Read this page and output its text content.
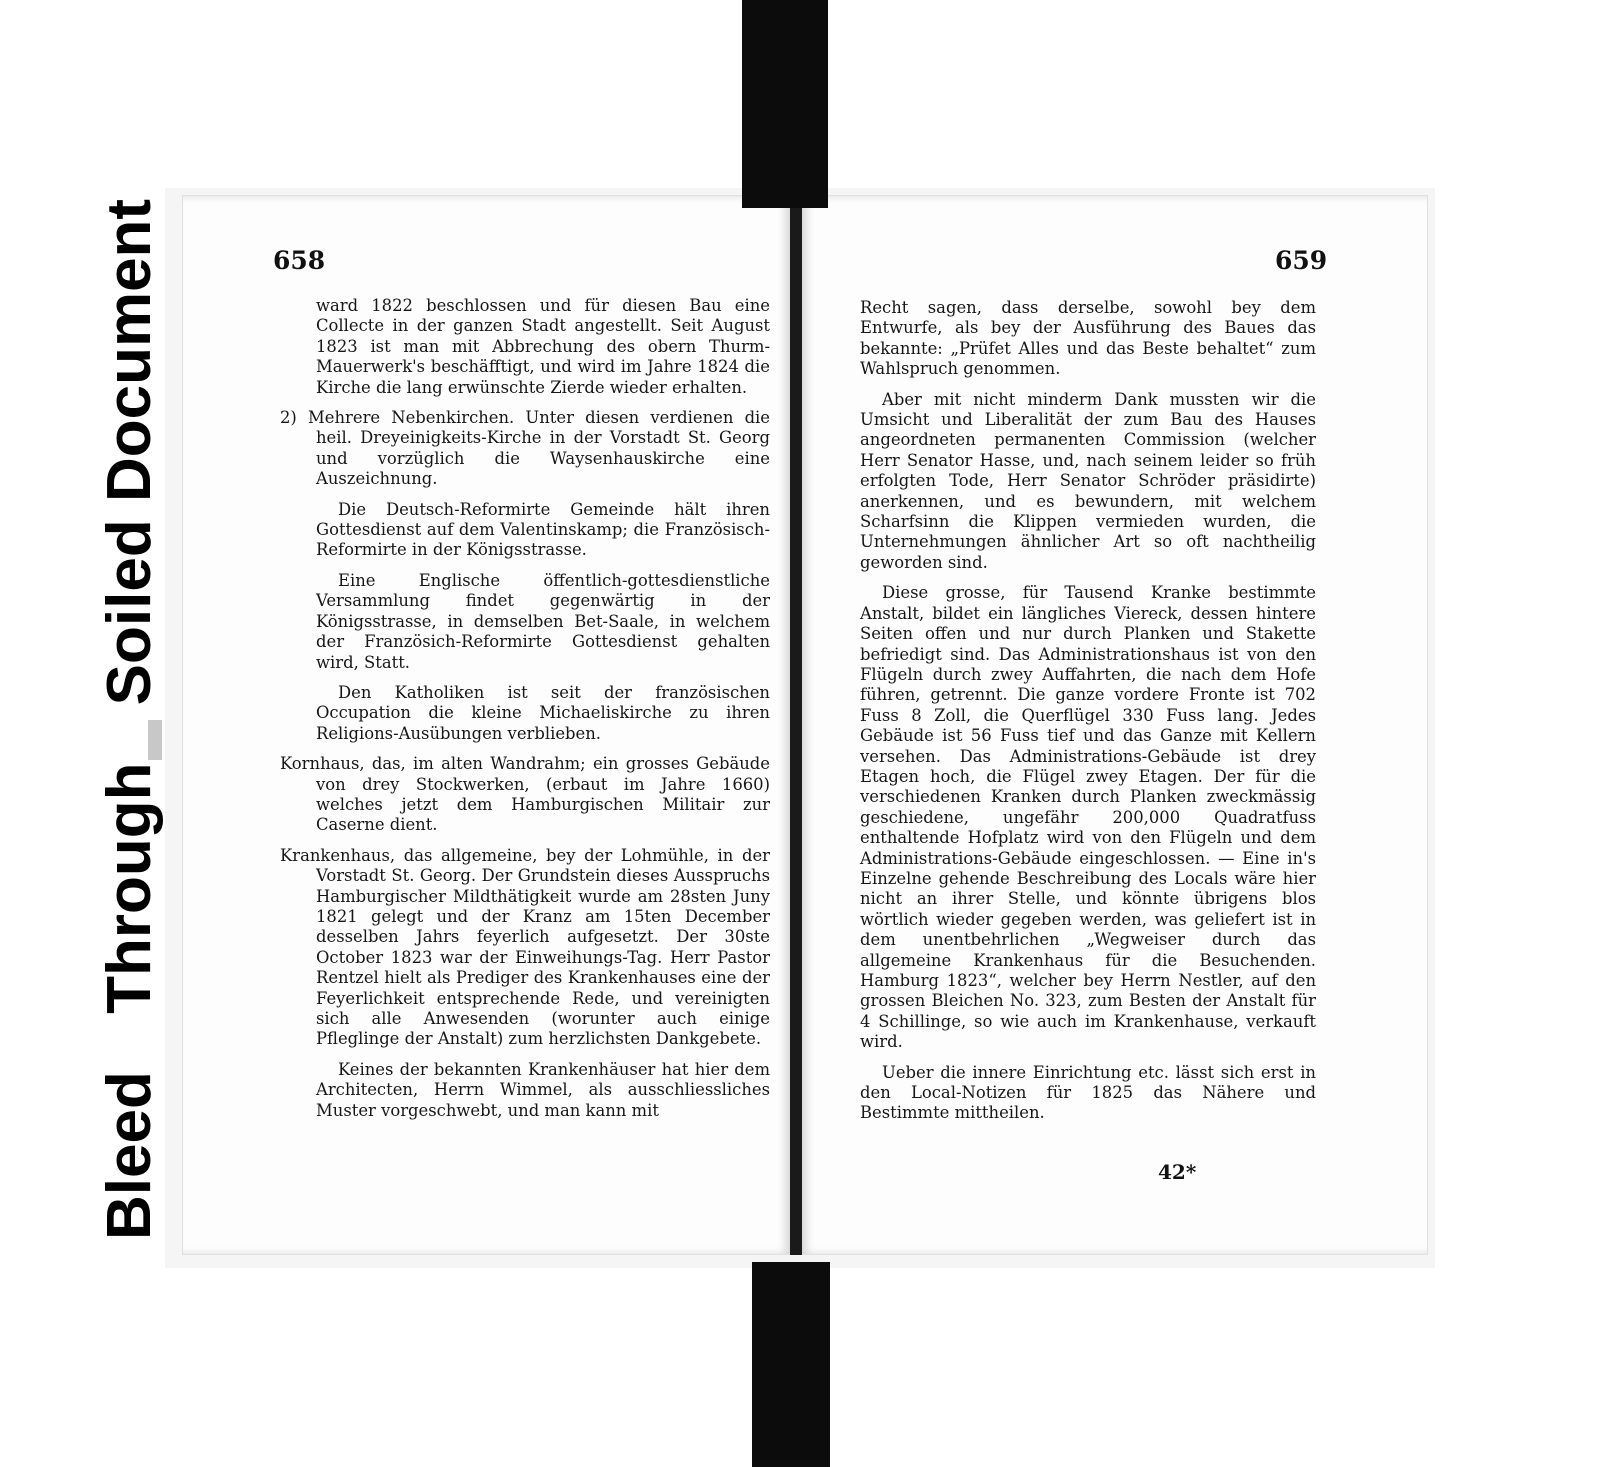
Bleed Through Soiled Document	658	659

ward 1822 beschlossen und für diesen Bau eine Collecte in der ganzen Stadt angestellt. Seit August 1823 ist man mit Abbrechung des obern Thurm-Mauerwerk's beschäfftigt, und wird im Jahre 1824 die Kirche die lang erwünschte Zierde wieder erhalten.

2) Mehrere Nebenkirchen. Unter diesen verdienen die heil. Dreyeinigkeits-Kirche in der Vorstadt St. Georg und vorzüglich die Waysenhauskirche eine Auszeichnung.

Die Deutsch-Reformirte Gemeinde hält ihren Gottesdienst auf dem Valentinskamp; die Französisch-Reformirte in der Königsstrasse.

Eine Englische öffentlich-gottesdienstliche Versammlung findet gegenwärtig in der Königsstrasse, in demselben Bet-Saale, in welchem der Französich-Reformirte Gottesdienst gehalten wird, Statt.

Den Katholiken ist seit der französischen Occupation die kleine Michaeliskirche zu ihren Religions-Ausübungen verblieben.

Kornhaus, das, im alten Wandrahm; ein grosses Gebäude von drey Stockwerken, (erbaut im Jahre 1660) welches jetzt dem Hamburgischen Militair zur Caserne dient.

Krankenhaus, das allgemeine, bey der Lohmühle, in der Vorstadt St. Georg. Der Grundstein dieses Ausspruchs Hamburgischer Mildthätigkeit wurde am 28sten Juny 1821 gelegt und der Kranz am 15ten December desselben Jahrs feyerlich aufgesetzt. Der 30ste October 1823 war der Einweihungs-Tag. Herr Pastor Rentzel hielt als Prediger des Krankenhauses eine der Feyerlichkeit entsprechende Rede, und vereinigten sich alle Anwesenden (worunter auch einige Pfleglinge der Anstalt) zum herzlichsten Dankgebete.

Keines der bekannten Krankenhäuser hat hier dem Architecten, Herrn Wimmel, als ausschliessliches Muster vorgeschwebt, und man kann mit

Recht sagen, dass derselbe, sowohl bey dem Entwurfe, als bey der Ausführung des Baues das bekannte: „Prüfet Alles und das Beste behaltet“ zum Wahlspruch genommen.

Aber mit nicht minderm Dank mussten wir die Umsicht und Liberalität der zum Bau des Hauses angeordneten permanenten Commission (welcher Herr Senator Hasse, und, nach seinem leider so früh erfolgten Tode, Herr Senator Schröder präsidirte) anerkennen, und es bewundern, mit welchem Scharfsinn die Klippen vermieden wurden, die Unternehmungen ähnlicher Art so oft nachtheilig geworden sind.

Diese grosse, für Tausend Kranke bestimmte Anstalt, bildet ein längliches Viereck, dessen hintere Seiten offen und nur durch Planken und Stakette befriedigt sind. Das Administrationshaus ist von den Flügeln durch zwey Auffahrten, die nach dem Hofe führen, getrennt. Die ganze vordere Fronte ist 702 Fuss 8 Zoll, die Querflügel 330 Fuss lang. Jedes Gebäude ist 56 Fuss tief und das Ganze mit Kellern versehen. Das Administrations-Gebäude ist drey Etagen hoch, die Flügel zwey Etagen. Der für die verschiedenen Kranken durch Planken zweckmässig geschiedene, ungefähr 200,000 Quadratfuss enthaltende Hofplatz wird von den Flügeln und dem Administrations-Gebäude eingeschlossen. — Eine in's Einzelne gehende Beschreibung des Locals wäre hier nicht an ihrer Stelle, und könnte übrigens blos wörtlich wieder gegeben werden, was geliefert ist in dem unentbehrlichen „Wegweiser durch das allgemeine Krankenhaus für die Besuchenden. Hamburg 1823“, welcher bey Herrn Nestler, auf den grossen Bleichen No. 323, zum Besten der Anstalt für 4 Schillinge, so wie auch im Krankenhause, verkauft wird.

Ueber die innere Einrichtung etc. lässt sich erst in den Local-Notizen für 1825 das Nähere und Bestimmte mittheilen.

42*
